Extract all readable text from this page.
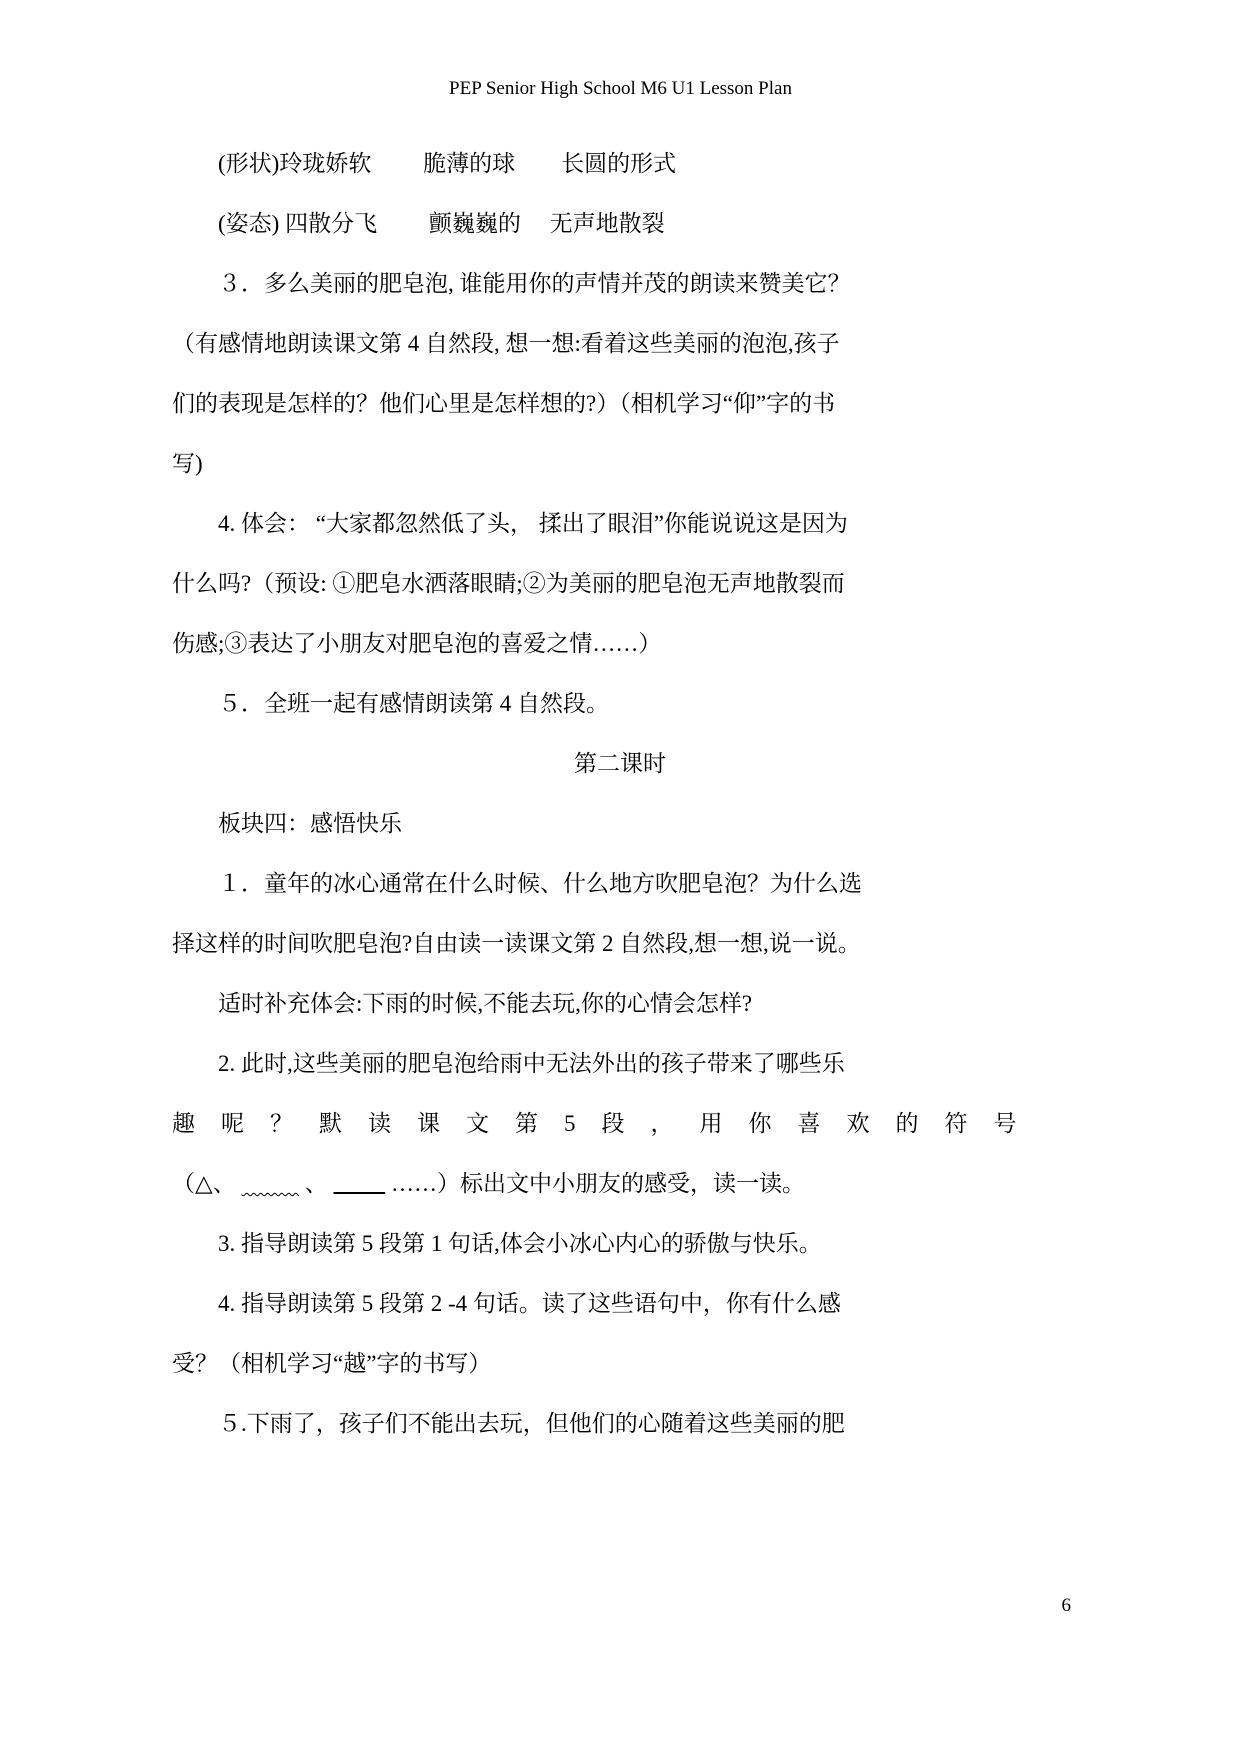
PEP Senior High School M6 U1 Lesson Plan
(形状)玲珑娇软　　 脆薄的球　　长圆的形式
(姿态) 四散分飞　　 颤巍巍的　 无声地散裂
３．多么美丽的肥皂泡, 谁能用你的声情并茂的朗读来赞美它？
（有感情地朗读课文第 4 自然段, 想一想:看着这些美丽的泡泡,孩子
们的表现是怎样的？他们心里是怎样想的?）（相机学习“仰”字的书
写)
4. 体会： “大家都忽然低了头， 揉出了眼泪”你能说说这是因为
什么吗?（预设: ①肥皂水洒落眼睛;②为美丽的肥皂泡无声地散裂而
伤感;③表达了小朋友对肥皂泡的喜爱之情……）
５．全班一起有感情朗读第 4 自然段。
第二课时
板块四：感悟快乐
１．童年的冰心通常在什么时候、什么地方吹肥皂泡？为什么选
择这样的时间吹肥皂泡?自由读一读课文第 2 自然段,想一想,说一说。
适时补充体会:下雨的时候,不能去玩,你的心情会怎样?
2. 此时,这些美丽的肥皂泡给雨中无法外出的孩子带来了哪些乐
趣呢？默读课文第5段，用你喜欢的符号
（△、	、           ……）标出文中小朋友的感受，读一读。
3. 指导朗读第 5 段第 1 句话,体会小冰心内心的骄傲与快乐。
4. 指导朗读第 5 段第 2 -4 句话。读了这些语句中，你有什么感
受？（相机学习“越”字的书写）
５.下雨了，孩子们不能出去玩，但他们的心随着这些美丽的肥
6
